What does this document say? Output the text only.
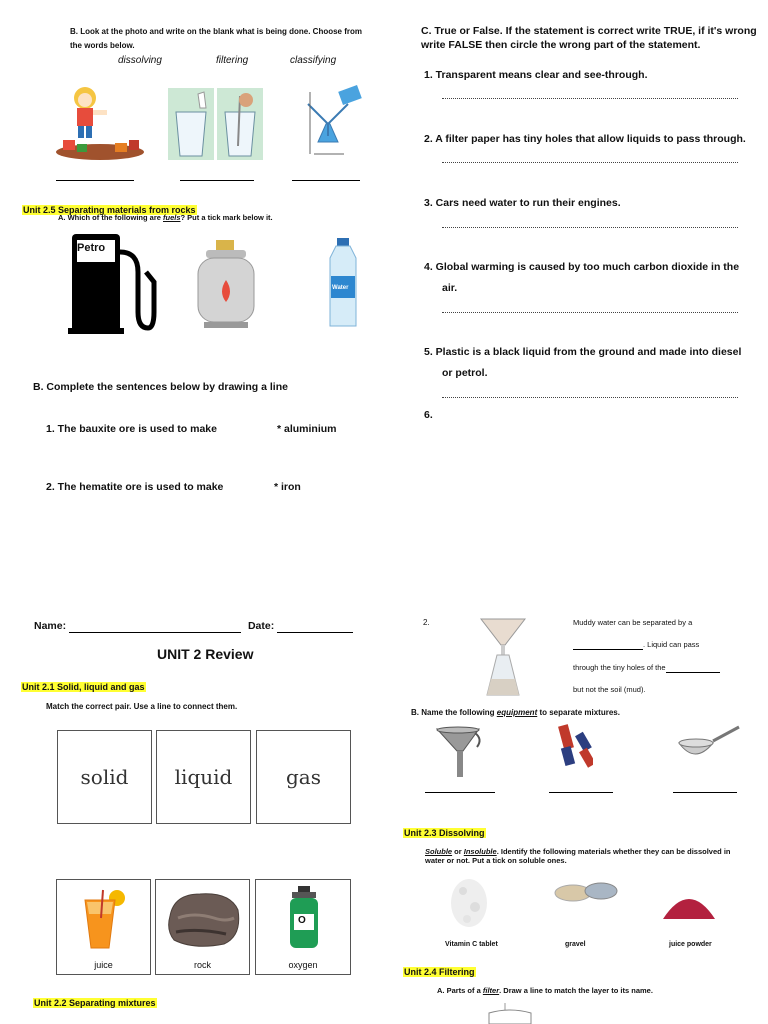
B. Look at the photo and write on the blank what is being done. Choose from
the words below.
dissolving	filtering	classifying
Unit 2.5 Separating materials from rocks
A. Which of the following are fuels? Put a tick mark below it.
Petro
Water
B. Complete the sentences below by drawing a line
1. The bauxite ore is used to make	* aluminium
2. The hematite ore is used to make	* iron
C. True or False. If the statement is correct write TRUE, if it's wrong
write FALSE then circle the wrong part of the statement.
1. Transparent means clear and see-through.
2. A filter paper has tiny holes that allow liquids to pass through.
3. Cars need water to run their engines.
4. Global warming is caused by too much carbon dioxide in the
air.
5. Plastic is a black liquid from the ground and made into diesel
or petrol.
6.
Name:	Date:
UNIT 2 Review
Unit 2.1 Solid, liquid and gas
Match the correct pair. Use a line to connect them.
solid	liquid	gas
juice	rock
O
oxygen
Unit 2.2 Separating mixtures
2.	Muddy water can be separated by a
. Liquid can pass
through the tiny holes of the
but not the soil (mud).
B. Name the following equipment to separate mixtures.
Unit 2.3 Dissolving
Soluble or Insoluble. Identify the following materials whether they can be dissolved in
water or not. Put a tick on soluble ones.
Vitamin C tablet	gravel	juice powder
Unit 2.4 Filtering
A. Parts of a filter. Draw a line to match the layer to its name.
